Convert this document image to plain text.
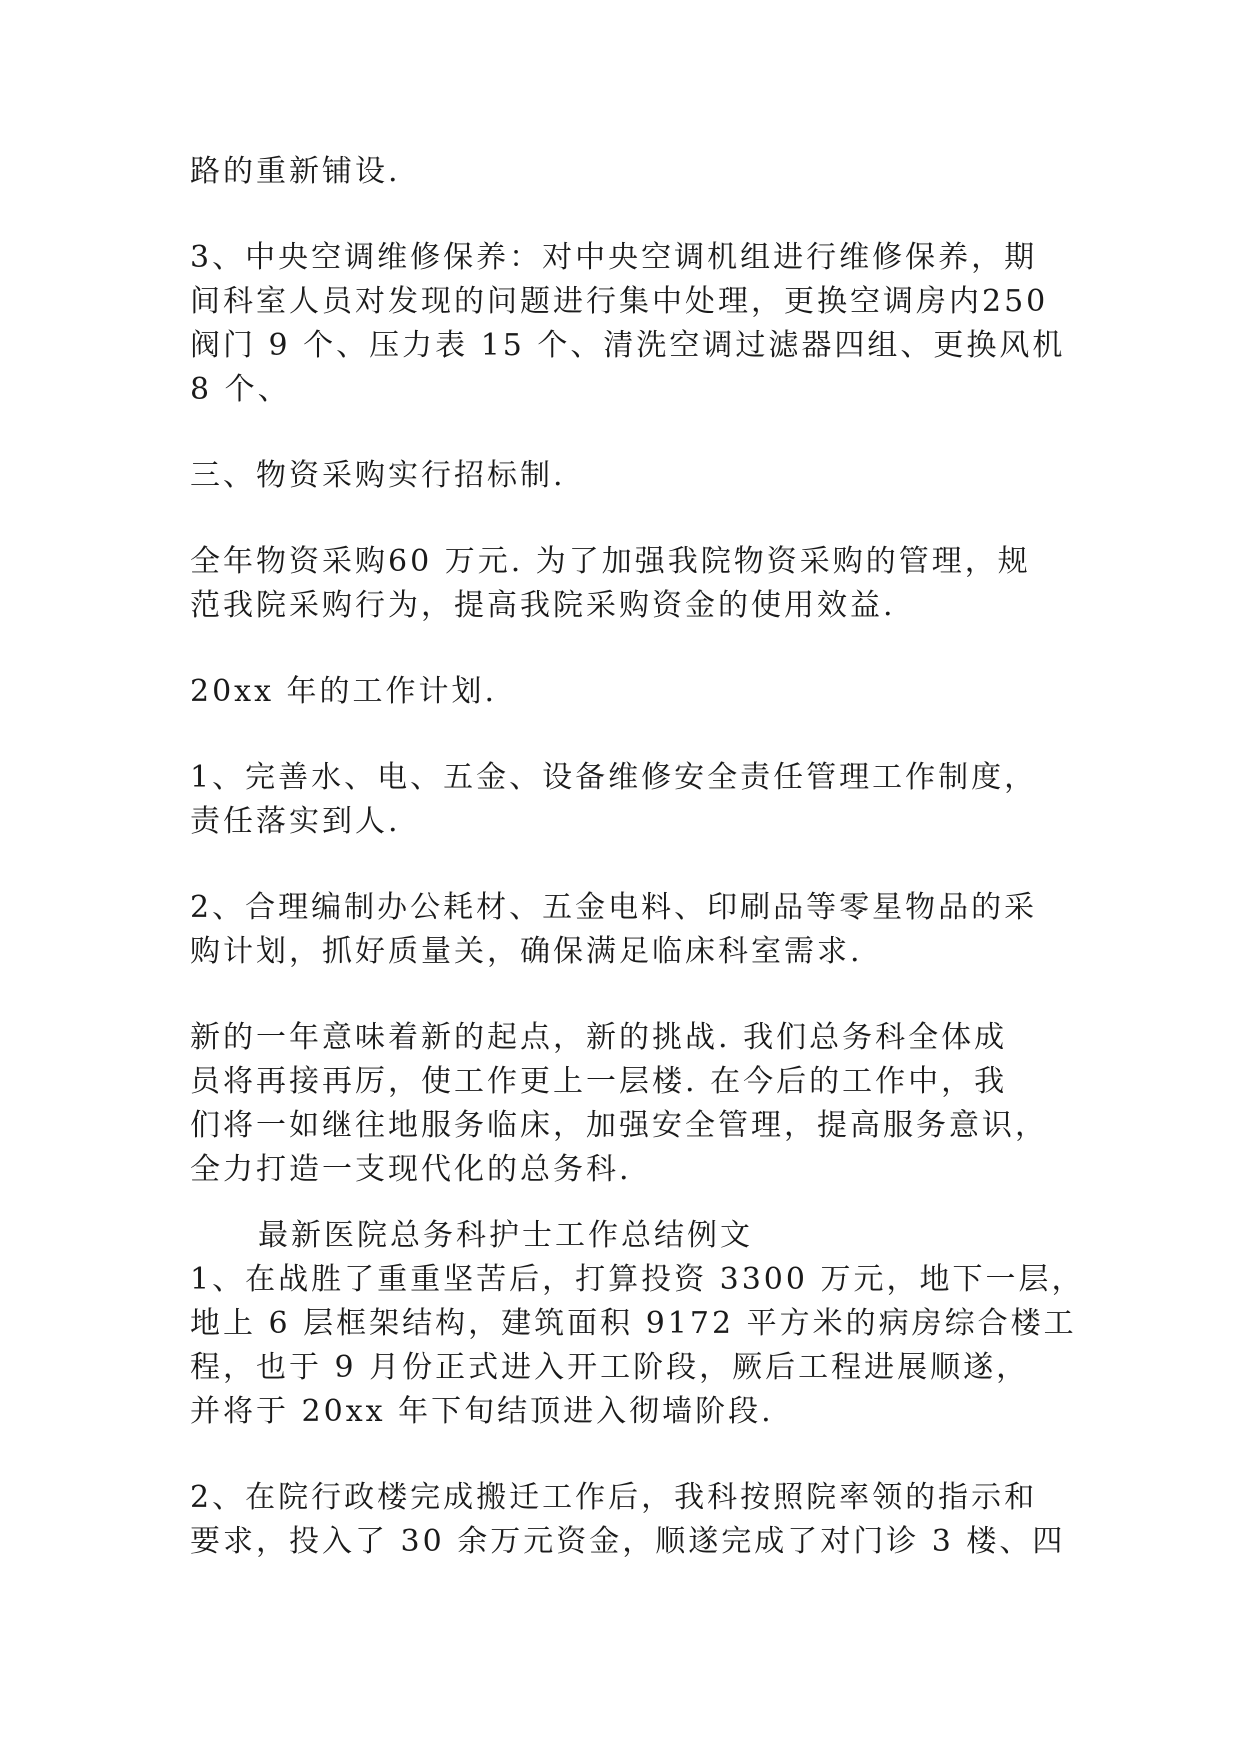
路的重新铺设.

3、中央空调维修保养：对中央空调机组进行维修保养，期
间科室人员对发现的问题进行集中处理，更换空调房内250
阀门 9 个、压力表 15 个、清洗空调过滤器四组、更换风机
8 个、

三、物资采购实行招标制.

全年物资采购60 万元. 为了加强我院物资采购的管理，规
范我院采购行为，提高我院采购资金的使用效益.

20xx 年的工作计划.

1、完善水、电、五金、设备维修安全责任管理工作制度，
责任落实到人.

2、合理编制办公耗材、五金电料、印刷品等零星物品的采
购计划，抓好质量关，确保满足临床科室需求.

新的一年意味着新的起点，新的挑战. 我们总务科全体成
员将再接再厉，使工作更上一层楼. 在今后的工作中，我
们将一如继往地服务临床，加强安全管理，提高服务意识，
全力打造一支现代化的总务科.

最新医院总务科护士工作总结例文

1、在战胜了重重坚苦后，打算投资 3300 万元，地下一层，
地上 6 层框架结构，建筑面积 9172 平方米的病房综合楼工
程，也于 9 月份正式进入开工阶段，厥后工程进展顺遂，
并将于 20xx 年下旬结顶进入彻墙阶段.

2、在院行政楼完成搬迁工作后，我科按照院率领的指示和
要求，投入了 30 余万元资金，顺遂完成了对门诊 3 楼、四
